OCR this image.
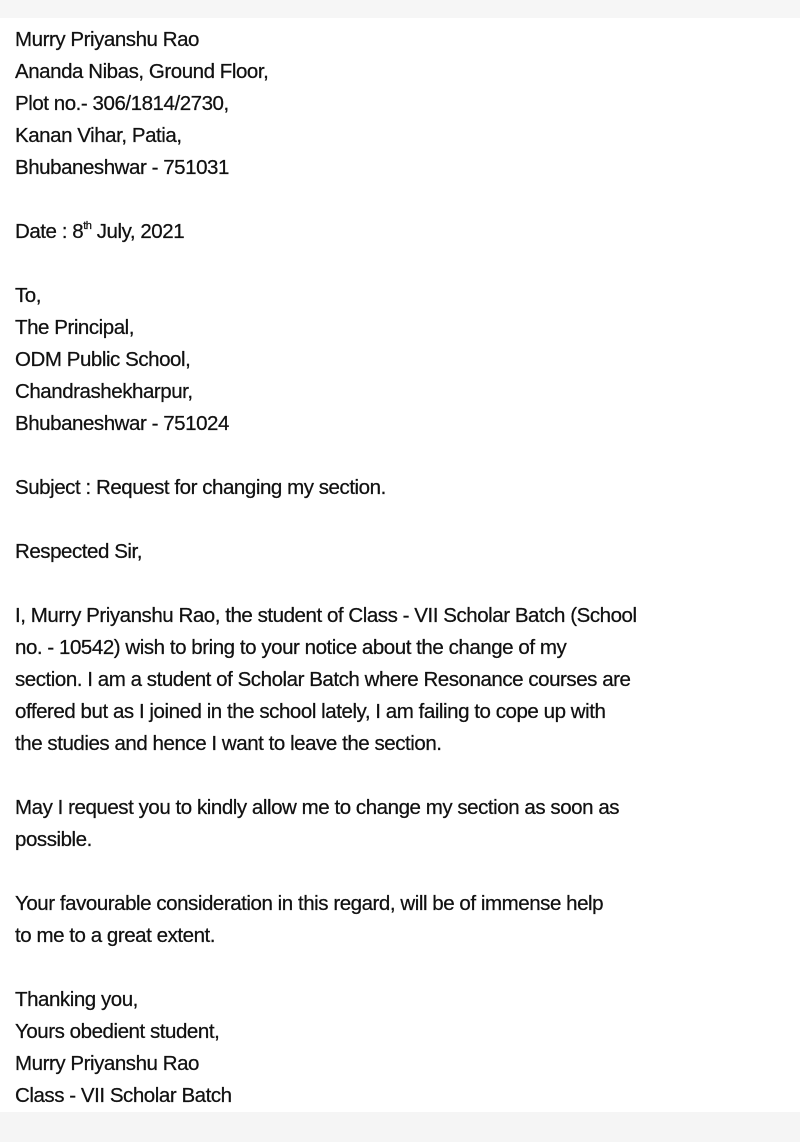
Murry Priyanshu Rao
Ananda Nibas, Ground Floor,
Plot no.- 306/1814/2730,
Kanan Vihar, Patia,
Bhubaneshwar - 751031
Date : 8th July, 2021
To,
The Principal,
ODM Public School,
Chandrashekharpur,
Bhubaneshwar - 751024
Subject : Request for changing my section.
Respected Sir,
I, Murry Priyanshu Rao, the student of Class - VII Scholar Batch (School
no. - 10542) wish to bring to your notice about the change of my
section. I am a student of Scholar Batch where Resonance courses are
offered but as I joined in the school lately, I am failing to cope up with
the studies and hence I want to leave the section.
May I request you to kindly allow me to change my section as soon as
possible.
Your favourable consideration in this regard, will be of immense help
to me to a great extent.
Thanking you,
Yours obedient student,
Murry Priyanshu Rao
Class - VII Scholar Batch
